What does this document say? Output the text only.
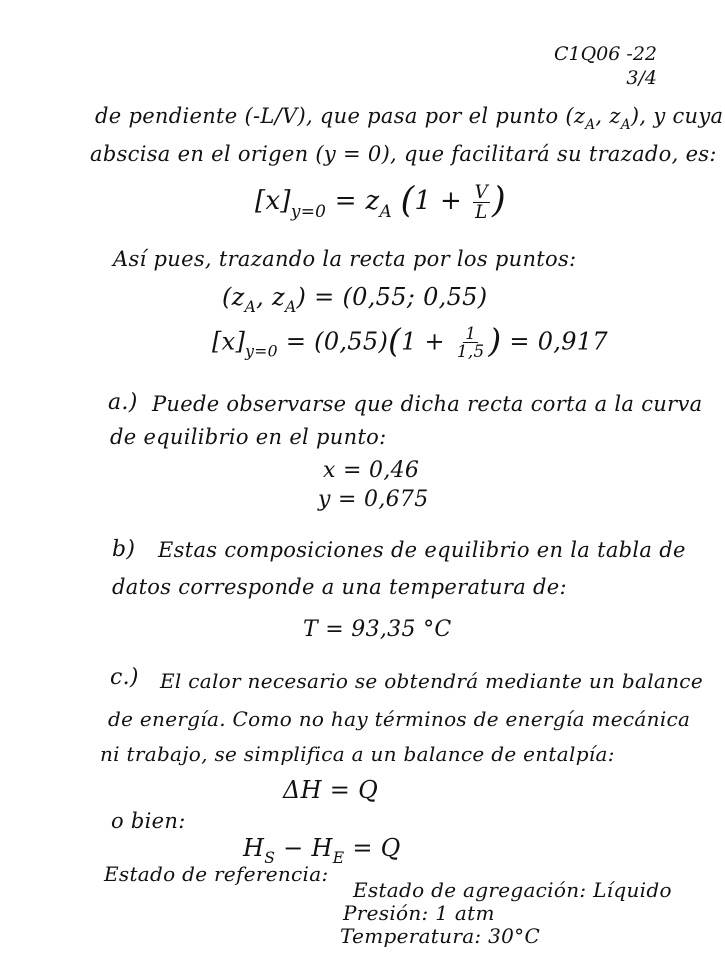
C1Q06 -22
3/4
de pendiente (-L/V), que pasa por el punto ($z_A$, $z_A$), y cuya
abscisa en el origen (y = 0), que facilitará su trazado, es:
$[x]_{y=0} = z_A$ ($1 + \frac{V}{L}$ )
Así pues, trazando la recta por los puntos:
($z_A$, $z_A) = (0,55$; 0,55)
$[x]_{y=0} = (0,55)(1 + \frac{1}{1,5}$ ) = 0,917
a.) Puede observarse que dicha recta corta a la curva
de equilibrio en el punto:
x = 0,46
y = 0,675
b) Estas composiciones de equilibrio en la tabla de
datos corresponde a una temperatura de:
T = 93,35 °C
c.) El calor necesario se obtendrá mediante un balance
de energía. Como no hay términos de energía mecánica
ni trabajo, se simplifica a un balance de entalpía:
ΔH = Q
o bien:
$H_S - H_E = Q$
Estado de referencia:
Estado de agregación: Líquido
Presión: 1 atm
Temperatura: 30°C
